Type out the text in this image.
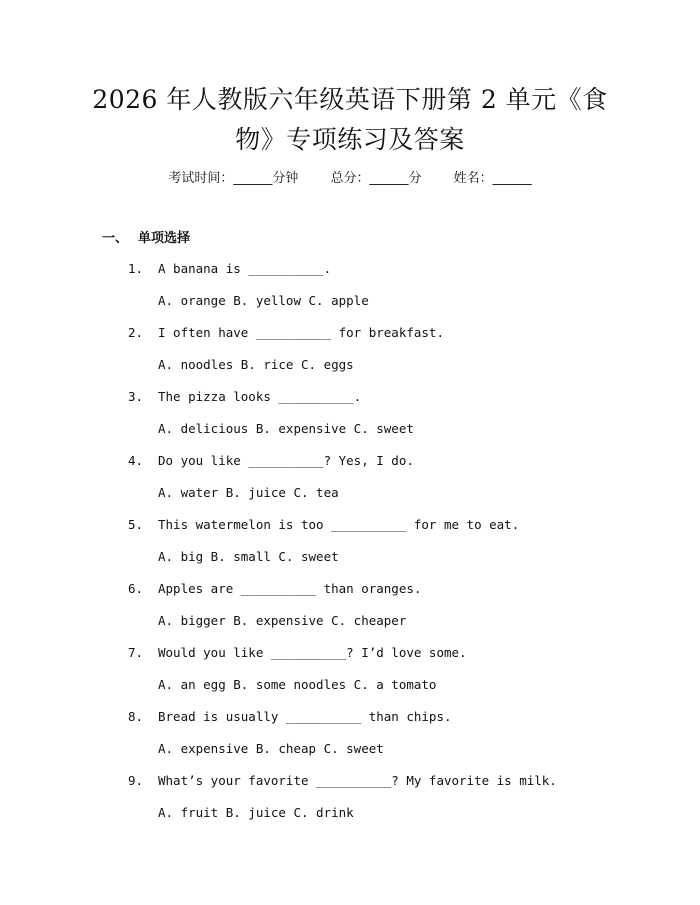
2026 年人教版六年级英语下册第 2 单元《食
物》专项练习及答案
考试时间：______分钟 总分：______分 姓名：______
一、 单项选择
1. A banana is __________.
A. orange B. yellow C. apple
2. I often have __________ for breakfast.
A. noodles B. rice C. eggs
3. The pizza looks __________.
A. delicious B. expensive C. sweet
4. Do you like __________? Yes, I do.
A. water B. juice C. tea
5. This watermelon is too __________ for me to eat.
A. big B. small C. sweet
6. Apples are __________ than oranges.
A. bigger B. expensive C. cheaper
7. Would you like __________? I’d love some.
A. an egg B. some noodles C. a tomato
8. Bread is usually __________ than chips.
A. expensive B. cheap C. sweet
9. What’s your favorite __________? My favorite is milk.
A. fruit B. juice C. drink
